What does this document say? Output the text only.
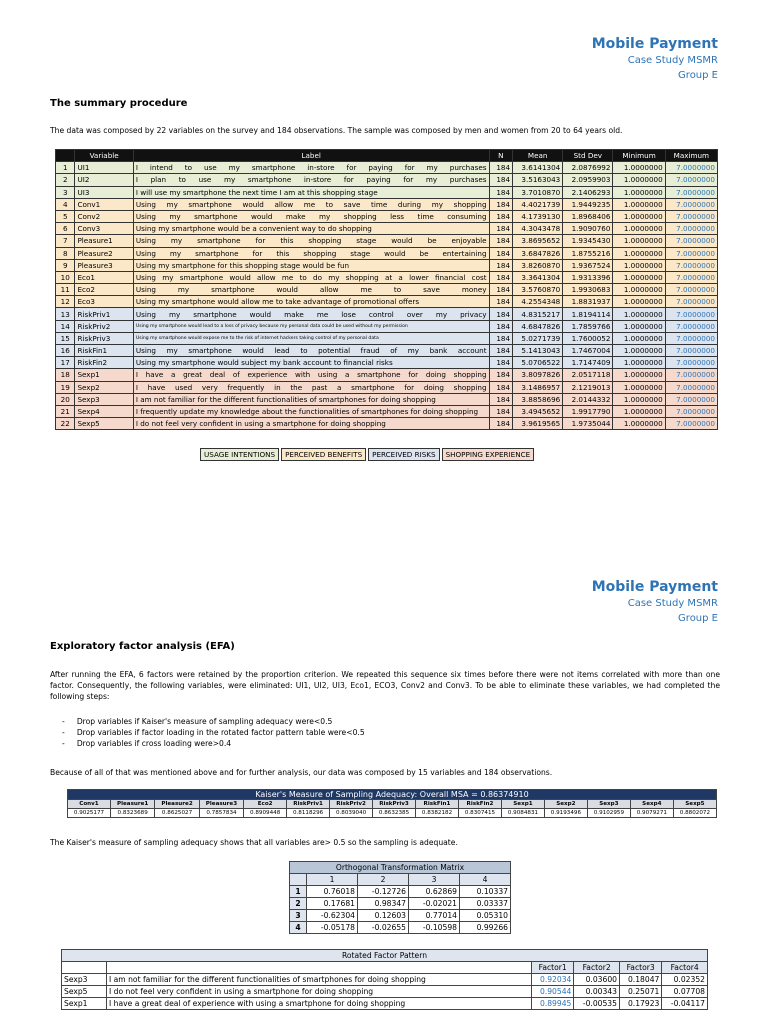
Mobile Payment
Case Study MSMR
Group E
The summary procedure
The data was composed by 22 variables on the survey and 184 observations. The sample was composed by men and women from 20 to 64 years old.
	Variable	Label	N	Mean	Std Dev	Minimum	Maximum
1	UI1	I intend to use my smartphone in-store for paying for my purchases	184	3.6141304	2.0876992	1.0000000	7.0000000
2	UI2	I plan to use my smartphone in-store for paying for my purchases	184	3.5163043	2.0959903	1.0000000	7.0000000
3	UI3	I will use my smartphone the next time I am at this shopping stage	184	3.7010870	2.1406293	1.0000000	7.0000000
4	Conv1	Using my smartphone would allow me to save time during my shopping	184	4.4021739	1.9449235	1.0000000	7.0000000
5	Conv2	Using my smartphone would make my shopping less time consuming	184	4.1739130	1.8968406	1.0000000	7.0000000
6	Conv3	Using my smartphone would be a convenient way to do shopping	184	4.3043478	1.9090760	1.0000000	7.0000000
7	Pleasure1	Using my smartphone for this shopping stage would be enjoyable	184	3.8695652	1.9345430	1.0000000	7.0000000
8	Pleasure2	Using my smartphone for this shopping stage would be entertaining	184	3.6847826	1.8755216	1.0000000	7.0000000
9	Pleasure3	Using my smartphone for this shopping stage would be fun	184	3.8260870	1.9367524	1.0000000	7.0000000
10	Eco1	Using my smartphone would allow me to do my shopping at a lower financial cost	184	3.3641304	1.9313396	1.0000000	7.0000000
11	Eco2	Using my smartphone would allow me to save money	184	3.5760870	1.9930683	1.0000000	7.0000000
12	Eco3	Using my smartphone would allow me to take advantage of promotional offers	184	4.2554348	1.8831937	1.0000000	7.0000000
13	RiskPriv1	Using my smartphone would make me lose control over my privacy	184	4.8315217	1.8194114	1.0000000	7.0000000
14	RiskPriv2	Using my smartphone would lead to a loss of privacy because my personal data could be used without my permission	184	4.6847826	1.7859766	1.0000000	7.0000000
15	RiskPriv3	Using my smartphone would expose me to the risk of internet hackers taking control of my personal data	184	5.0271739	1.7600052	1.0000000	7.0000000
16	RiskFin1	Using my smartphone would lead to potential fraud of my bank account	184	5.1413043	1.7467004	1.0000000	7.0000000
17	RiskFin2	Using my smartphone would subject my bank account to financial risks	184	5.0706522	1.7147409	1.0000000	7.0000000
18	Sexp1	I have a great deal of experience with using a smartphone for doing shopping	184	3.8097826	2.0517118	1.0000000	7.0000000
19	Sexp2	I have used very frequently in the past a smartphone for doing shopping	184	3.1486957	2.1219013	1.0000000	7.0000000
20	Sexp3	I am not familiar for the different functionalities of smartphones for doing shopping	184	3.8858696	2.0144332	1.0000000	7.0000000
21	Sexp4	I frequently update my knowledge about the functionalities of smartphones for doing shopping	184	3.4945652	1.9917790	1.0000000	7.0000000
22	Sexp5	I do not feel very confident in using a smartphone for doing shopping	184	3.9619565	1.9735044	1.0000000	7.0000000
USAGE INTENTIONS	PERCEIVED BENEFITS	PERCEIVED RISKS	SHOPPING EXPERIENCE
Mobile Payment
Case Study MSMR
Group E
Exploratory factor analysis (EFA)
After running the EFA, 6 factors were retained by the proportion criterion. We repeated this sequence six times before there were not items correlated with more than one factor. Consequently, the following variables, were eliminated: UI1, UI2, UI3, Eco1, ECO3, Conv2 and Conv3. To be able to eliminate these variables, we had completed the following steps:
-     Drop variables if Kaiser's measure of sampling adequacy were<0.5
-     Drop variables if factor loading in the rotated factor pattern table were<0.5
-     Drop variables if cross loading were>0.4
Because of all of that was mentioned above and for further analysis, our data was composed by 15 variables and 184 observations.
Kaiser's Measure of Sampling Adequacy: Overall MSA = 0.86374910														
Conv1	Pleasure1	Pleasure2	Pleasure3	Eco2	RiskPriv1	RiskPriv2	RiskPriv3	RiskFin1	RiskFin2	Sexp1	Sexp2	Sexp3	Sexp4	Sexp5
0.9025177	0.8323689	0.8625027	0.7857834	0.8909448	0.8118296	0.8039040	0.8632385	0.8382182	0.8307415	0.9084831	0.9193496	0.9102959	0.9079271	0.8802072
The Kaiser's measure of sampling adequacy shows that all variables are> 0.5 so the sampling is adequate.
Orthogonal Transformation Matrix				
	1	2	3	4
1	0.76018	-0.12726	0.62869	0.10337
2	0.17681	0.98347	-0.02021	0.03337
3	-0.62304	0.12603	0.77014	0.05310
4	-0.05178	-0.02655	-0.10598	0.99266
Rotated Factor Pattern					
		Factor1	Factor2	Factor3	Factor4
Sexp3	I am not familiar for the different functionalities of smartphones for doing shopping	0.92034	0.03600	0.18047	0.02352
Sexp5	I do not feel very confident in using a smartphone for doing shopping	0.90544	0.00343	0.25071	0.07708
Sexp1	I have a great deal of experience with using a smartphone for doing shopping	0.89945	-0.00535	0.17923	-0.04117
